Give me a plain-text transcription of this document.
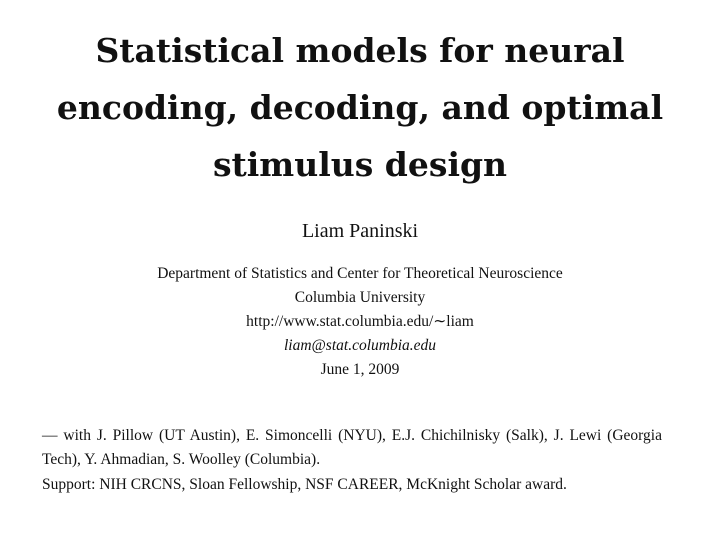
Statistical models for neural
encoding, decoding, and optimal
stimulus design
Liam Paninski
Department of Statistics and Center for Theoretical Neuroscience
Columbia University
http://www.stat.columbia.edu/∼liam
liam@stat.columbia.edu
June 1, 2009
— with J. Pillow (UT Austin), E. Simoncelli (NYU), E.J. Chichilnisky (Salk), J. Lewi (Georgia Tech), Y. Ahmadian, S. Woolley (Columbia).
Support: NIH CRCNS, Sloan Fellowship, NSF CAREER, McKnight Scholar award.
